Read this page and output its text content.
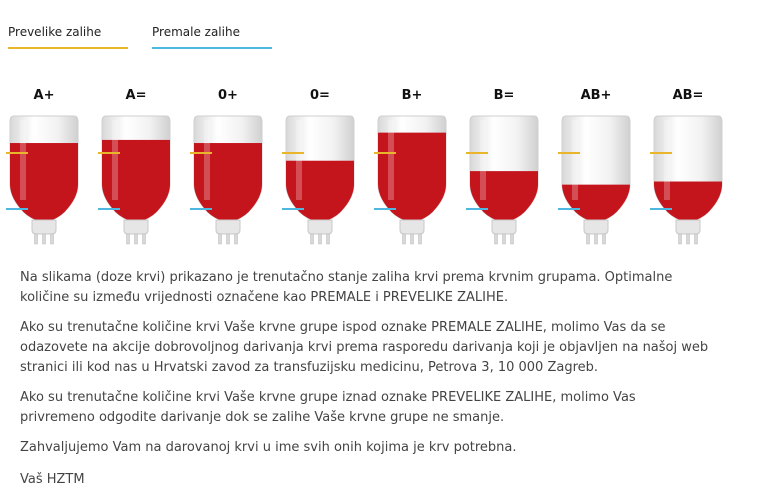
Prevelike zalihe	Premale zalihe
A+	A=	0+	0=	B+	B=	AB+	AB=
Na slikama (doze krvi) prikazano je trenutačno stanje zaliha krvi prema krvnim grupama. Optimalne
količine su između vrijednosti označene kao PREMALE i PREVELIKE ZALIHE.
Ako su trenutačne količine krvi Vaše krvne grupe ispod oznake PREMALE ZALIHE, molimo Vas da se
odazovete na akcije dobrovoljnog darivanja krvi prema rasporedu darivanja koji je objavljen na našoj web
stranici ili kod nas u Hrvatski zavod za transfuzijsku medicinu, Petrova 3, 10 000 Zagreb.
Ako su trenutačne količine krvi Vaše krvne grupe iznad oznake PREVELIKE ZALIHE, molimo Vas
privremeno odgodite darivanje dok se zalihe Vaše krvne grupe ne smanje.
Zahvaljujemo Vam na darovanoj krvi u ime svih onih kojima je krv potrebna.
Vaš HZTM
